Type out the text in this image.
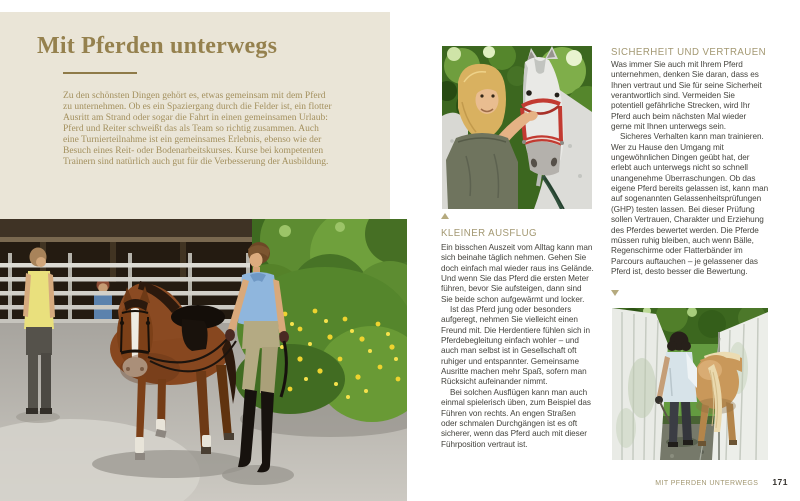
Mit Pferden unterwegs

Zu den schönsten Dingen gehört es, etwas gemeinsam mit dem Pferd zu unternehmen. Ob es ein Spaziergang durch die Felder ist, ein flotter Ausritt am Strand oder sogar die Fahrt in einen gemeinsamen Urlaub: Pferd und Reiter schweißt das als Team so richtig zusammen. Auch eine Turnierteilnahme ist ein gemeinsames Erlebnis, ebenso wie der Besuch eines Reit- oder Bodenarbeitskurses. Kurse bei kompetenten Trainern sind natürlich auch gut für die Verbesserung der Ausbildung.

KLEINER AUSFLUG

Ein bisschen Auszeit vom Alltag kann man sich beinahe täglich nehmen. Gehen Sie doch einfach mal wieder raus ins Gelände. Und wenn Sie das Pferd die ersten Meter führen, bevor Sie aufsteigen, dann sind Sie beide schon aufgewärmt und locker.

Ist das Pferd jung oder besonders aufgeregt, nehmen Sie vielleicht einen Freund mit. Die Herdentiere fühlen sich in Pferdebegleitung einfach wohler – und auch man selbst ist in Gesellschaft oft ruhiger und entspannter. Gemeinsame Ausritte machen mehr Spaß, sofern man Rücksicht aufeinander nimmt.

Bei solchen Ausflügen kann man auch einmal spielerisch üben, zum Beispiel das Führen von rechts. An engen Straßen oder schmalen Durchgängen ist es oft sicherer, wenn das Pferd auch mit dieser Führposition vertraut ist.

SICHERHEIT UND VERTRAUEN

Was immer Sie auch mit Ihrem Pferd unternehmen, denken Sie daran, dass es Ihnen vertraut und Sie für seine Sicherheit verantwortlich sind. Vermeiden Sie potentiell gefährliche Strecken, wird Ihr Pferd auch beim nächsten Mal wieder gerne mit Ihnen unterwegs sein.

Sicheres Verhalten kann man trainieren. Wer zu Hause den Umgang mit ungewöhnlichen Dingen geübt hat, der erlebt auch unterwegs nicht so schnell unangenehme Überraschungen. Ob das eigene Pferd bereits gelassen ist, kann man auf sogenannten Gelassenheitsprüfungen (GHP) testen lassen. Bei dieser Prüfung sollen Vertrauen, Charakter und Erziehung des Pferdes bewertet werden. Die Pferde müssen ruhig bleiben, auch wenn Bälle, Regenschirme oder Flatterbänder im Parcours auftauchen – je gelassener das Pferd ist, desto besser die Bewertung.

MIT PFERDEN UNTERWEGS 171
